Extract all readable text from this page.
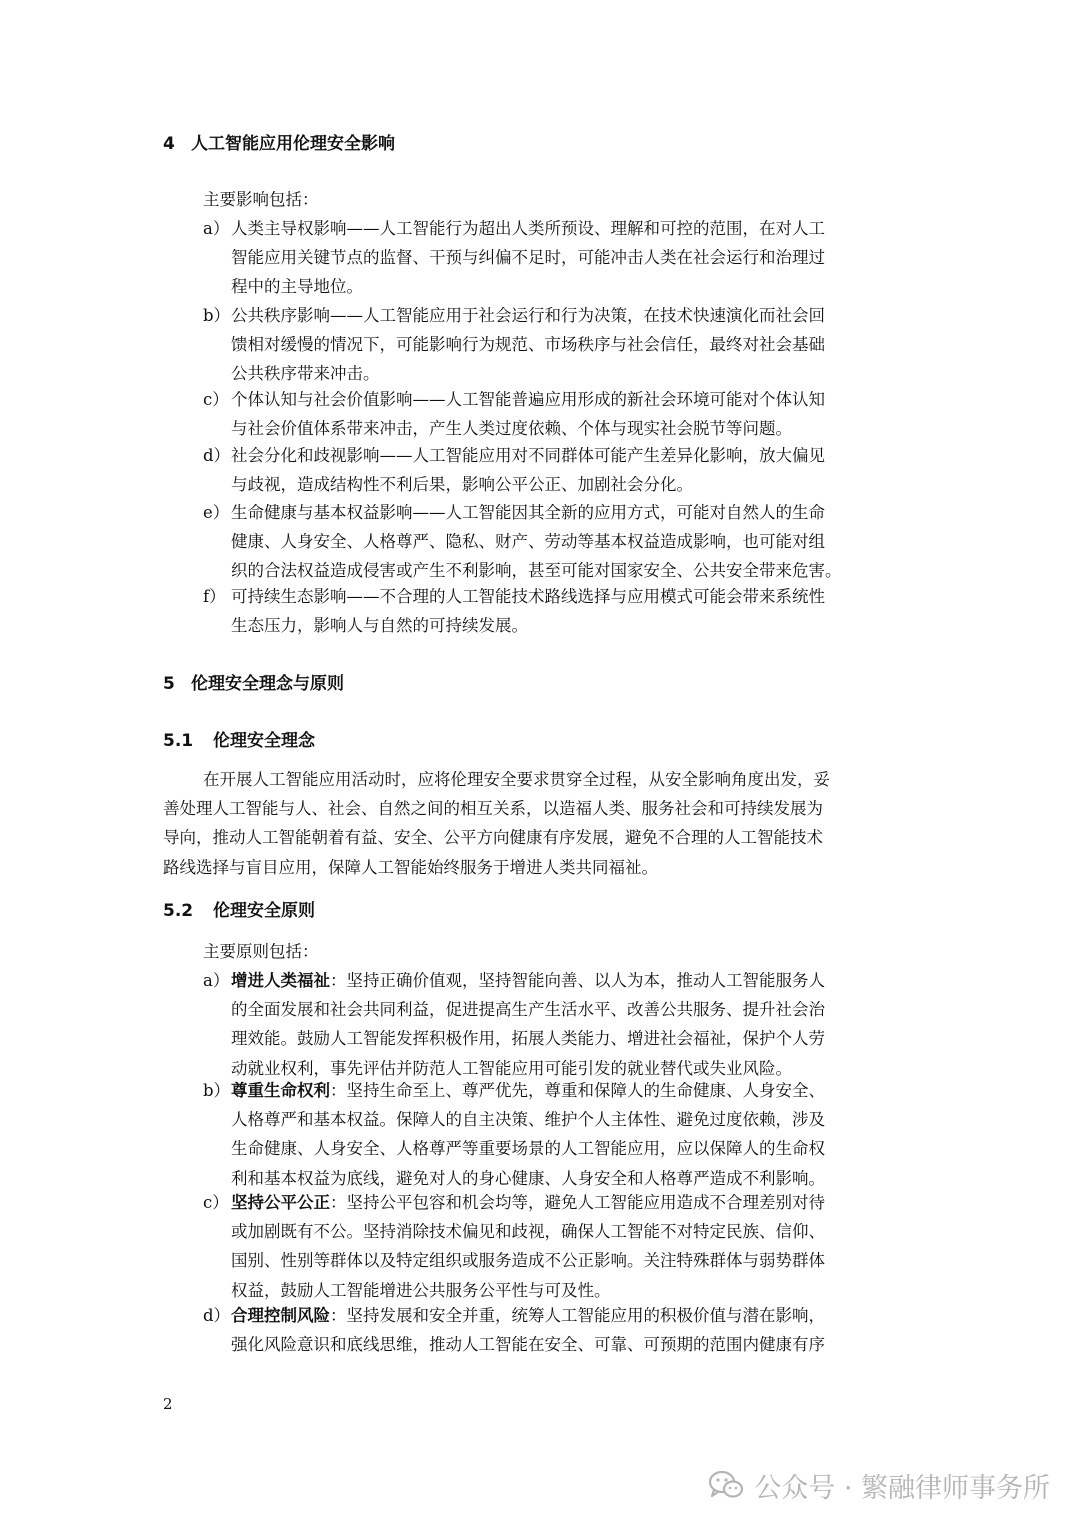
4 人工智能应用伦理安全影响
主要影响包括：
a） 人类主导权影响——人工智能行为超出人类所预设、理解和可控的范围，在对人工
智能应用关键节点的监督、干预与纠偏不足时，可能冲击人类在社会运行和治理过
程中的主导地位。
b）公共秩序影响——人工智能应用于社会运行和行为决策，在技术快速演化而社会回
馈相对缓慢的情况下，可能影响行为规范、市场秩序与社会信任，最终对社会基础
公共秩序带来冲击。
c） 个体认知与社会价值影响——人工智能普遍应用形成的新社会环境可能对个体认知
与社会价值体系带来冲击，产生人类过度依赖、个体与现实社会脱节等问题。
d）社会分化和歧视影响——人工智能应用对不同群体可能产生差异化影响，放大偏见
与歧视，造成结构性不利后果，影响公平公正、加剧社会分化。
e） 生命健康与基本权益影响——人工智能因其全新的应用方式，可能对自然人的生命
健康、人身安全、人格尊严、隐私、财产、劳动等基本权益造成影响，也可能对组
织的合法权益造成侵害或产生不利影响，甚至可能对国家安全、公共安全带来危害。
f） 可持续生态影响——不合理的人工智能技术路线选择与应用模式可能会带来系统性
生态压力，影响人与自然的可持续发展。
5 伦理安全理念与原则
5.1 伦理安全理念
在开展人工智能应用活动时，应将伦理安全要求贯穿全过程，从安全影响角度出发，妥
善处理人工智能与人、社会、自然之间的相互关系，以造福人类、服务社会和可持续发展为
导向，推动人工智能朝着有益、安全、公平方向健康有序发展，避免不合理的人工智能技术
路线选择与盲目应用，保障人工智能始终服务于增进人类共同福祉。
5.2 伦理安全原则
主要原则包括：
a） 增进人类福祉：坚持正确价值观，坚持智能向善、以人为本，推动人工智能服务人
的全面发展和社会共同利益，促进提高生产生活水平、改善公共服务、提升社会治
理效能。鼓励人工智能发挥积极作用，拓展人类能力、增进社会福祉，保护个人劳
动就业权利，事先评估并防范人工智能应用可能引发的就业替代或失业风险。
b）尊重生命权利：坚持生命至上、尊严优先，尊重和保障人的生命健康、人身安全、
人格尊严和基本权益。保障人的自主决策、维护个人主体性、避免过度依赖，涉及
生命健康、人身安全、人格尊严等重要场景的人工智能应用，应以保障人的生命权
利和基本权益为底线，避免对人的身心健康、人身安全和人格尊严造成不利影响。
c） 坚持公平公正：坚持公平包容和机会均等，避免人工智能应用造成不合理差别对待
或加剧既有不公。坚持消除技术偏见和歧视，确保人工智能不对特定民族、信仰、
国别、性别等群体以及特定组织或服务造成不公正影响。关注特殊群体与弱势群体
权益，鼓励人工智能增进公共服务公平性与可及性。
d）合理控制风险：坚持发展和安全并重，统筹人工智能应用的积极价值与潜在影响，
强化风险意识和底线思维，推动人工智能在安全、可靠、可预期的范围内健康有序
2
公众号 · 繁融律师事务所
